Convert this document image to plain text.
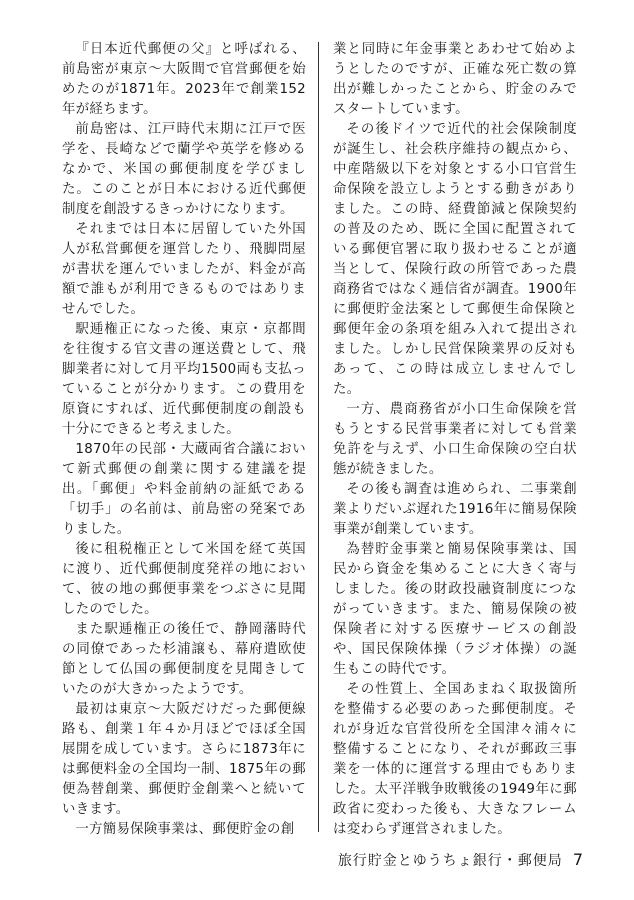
『日本近代郵便の父』と呼ばれる、前島密が東京～大阪間で官営郵便を始めたのが1871年。2023年で創業152年が経ちます。

前島密は、江戸時代末期に江戸で医学を、長崎などで蘭学や英学を修めるなかで、米国の郵便制度を学びました。このことが日本における近代郵便制度を創設するきっかけになります。

それまでは日本に居留していた外国人が私営郵便を運営したり、飛脚問屋が書状を運んでいましたが、料金が高額で誰もが利用できるものではありませんでした。

駅逓権正になった後、東京・京都間を往復する官文書の運送費として、飛脚業者に対して月平均1500両も支払っていることが分かります。この費用を原資にすれば、近代郵便制度の創設も十分にできると考えました。

1870年の民部・大蔵両省合議において新式郵便の創業に関する建議を提出。「郵便」や料金前納の証紙である「切手」の名前は、前島密の発案でありました。

後に租税権正として米国を経て英国に渡り、近代郵便制度発祥の地において、彼の地の郵便事業をつぶさに見聞したのでした。

また駅逓権正の後任で、静岡藩時代の同僚であった杉浦譲も、幕府遣欧使節として仏国の郵便制度を見聞きしていたのが大きかったようです。

最初は東京～大阪だけだった郵便線路も、創業１年４か月ほどでほぼ全国展開を成しています。さらに1873年には郵便料金の全国均一制、1875年の郵便為替創業、郵便貯金創業へと続いていきます。

一方簡易保険事業は、郵便貯金の創

業と同時に年金事業とあわせて始めようとしたのですが、正確な死亡数の算出が難しかったことから、貯金のみでスタートしています。

その後ドイツで近代的社会保険制度が誕生し、社会秩序維持の観点から、中産階級以下を対象とする小口官営生命保険を設立しようとする動きがありました。この時、経費節減と保険契約の普及のため、既に全国に配置されている郵便官署に取り扱わせることが適当として、保険行政の所管であった農商務省ではなく逓信省が調査。1900年に郵便貯金法案として郵便生命保険と郵便年金の条項を組み入れて提出されました。しかし民営保険業界の反対もあって、この時は成立しませんでした。

一方、農商務省が小口生命保険を営もうとする民営事業者に対しても営業免許を与えず、小口生命保険の空白状態が続きました。

その後も調査は進められ、二事業創業よりだいぶ遅れた1916年に簡易保険事業が創業しています。

為替貯金事業と簡易保険事業は、国民から資金を集めることに大きく寄与しました。後の財政投融資制度につながっていきます。また、簡易保険の被保険者に対する医療サービスの創設や、国民保険体操（ラジオ体操）の誕生もこの時代です。

その性質上、全国あまねく取扱箇所を整備する必要のあった郵便制度。それが身近な官営役所を全国津々浦々に整備することになり、それが郵政三事業を一体的に運営する理由でもありました。太平洋戦争敗戦後の1949年に郵政省に変わった後も、大きなフレームは変わらず運営されました。

旅行貯金とゆうちょ銀行・郵便局 7
